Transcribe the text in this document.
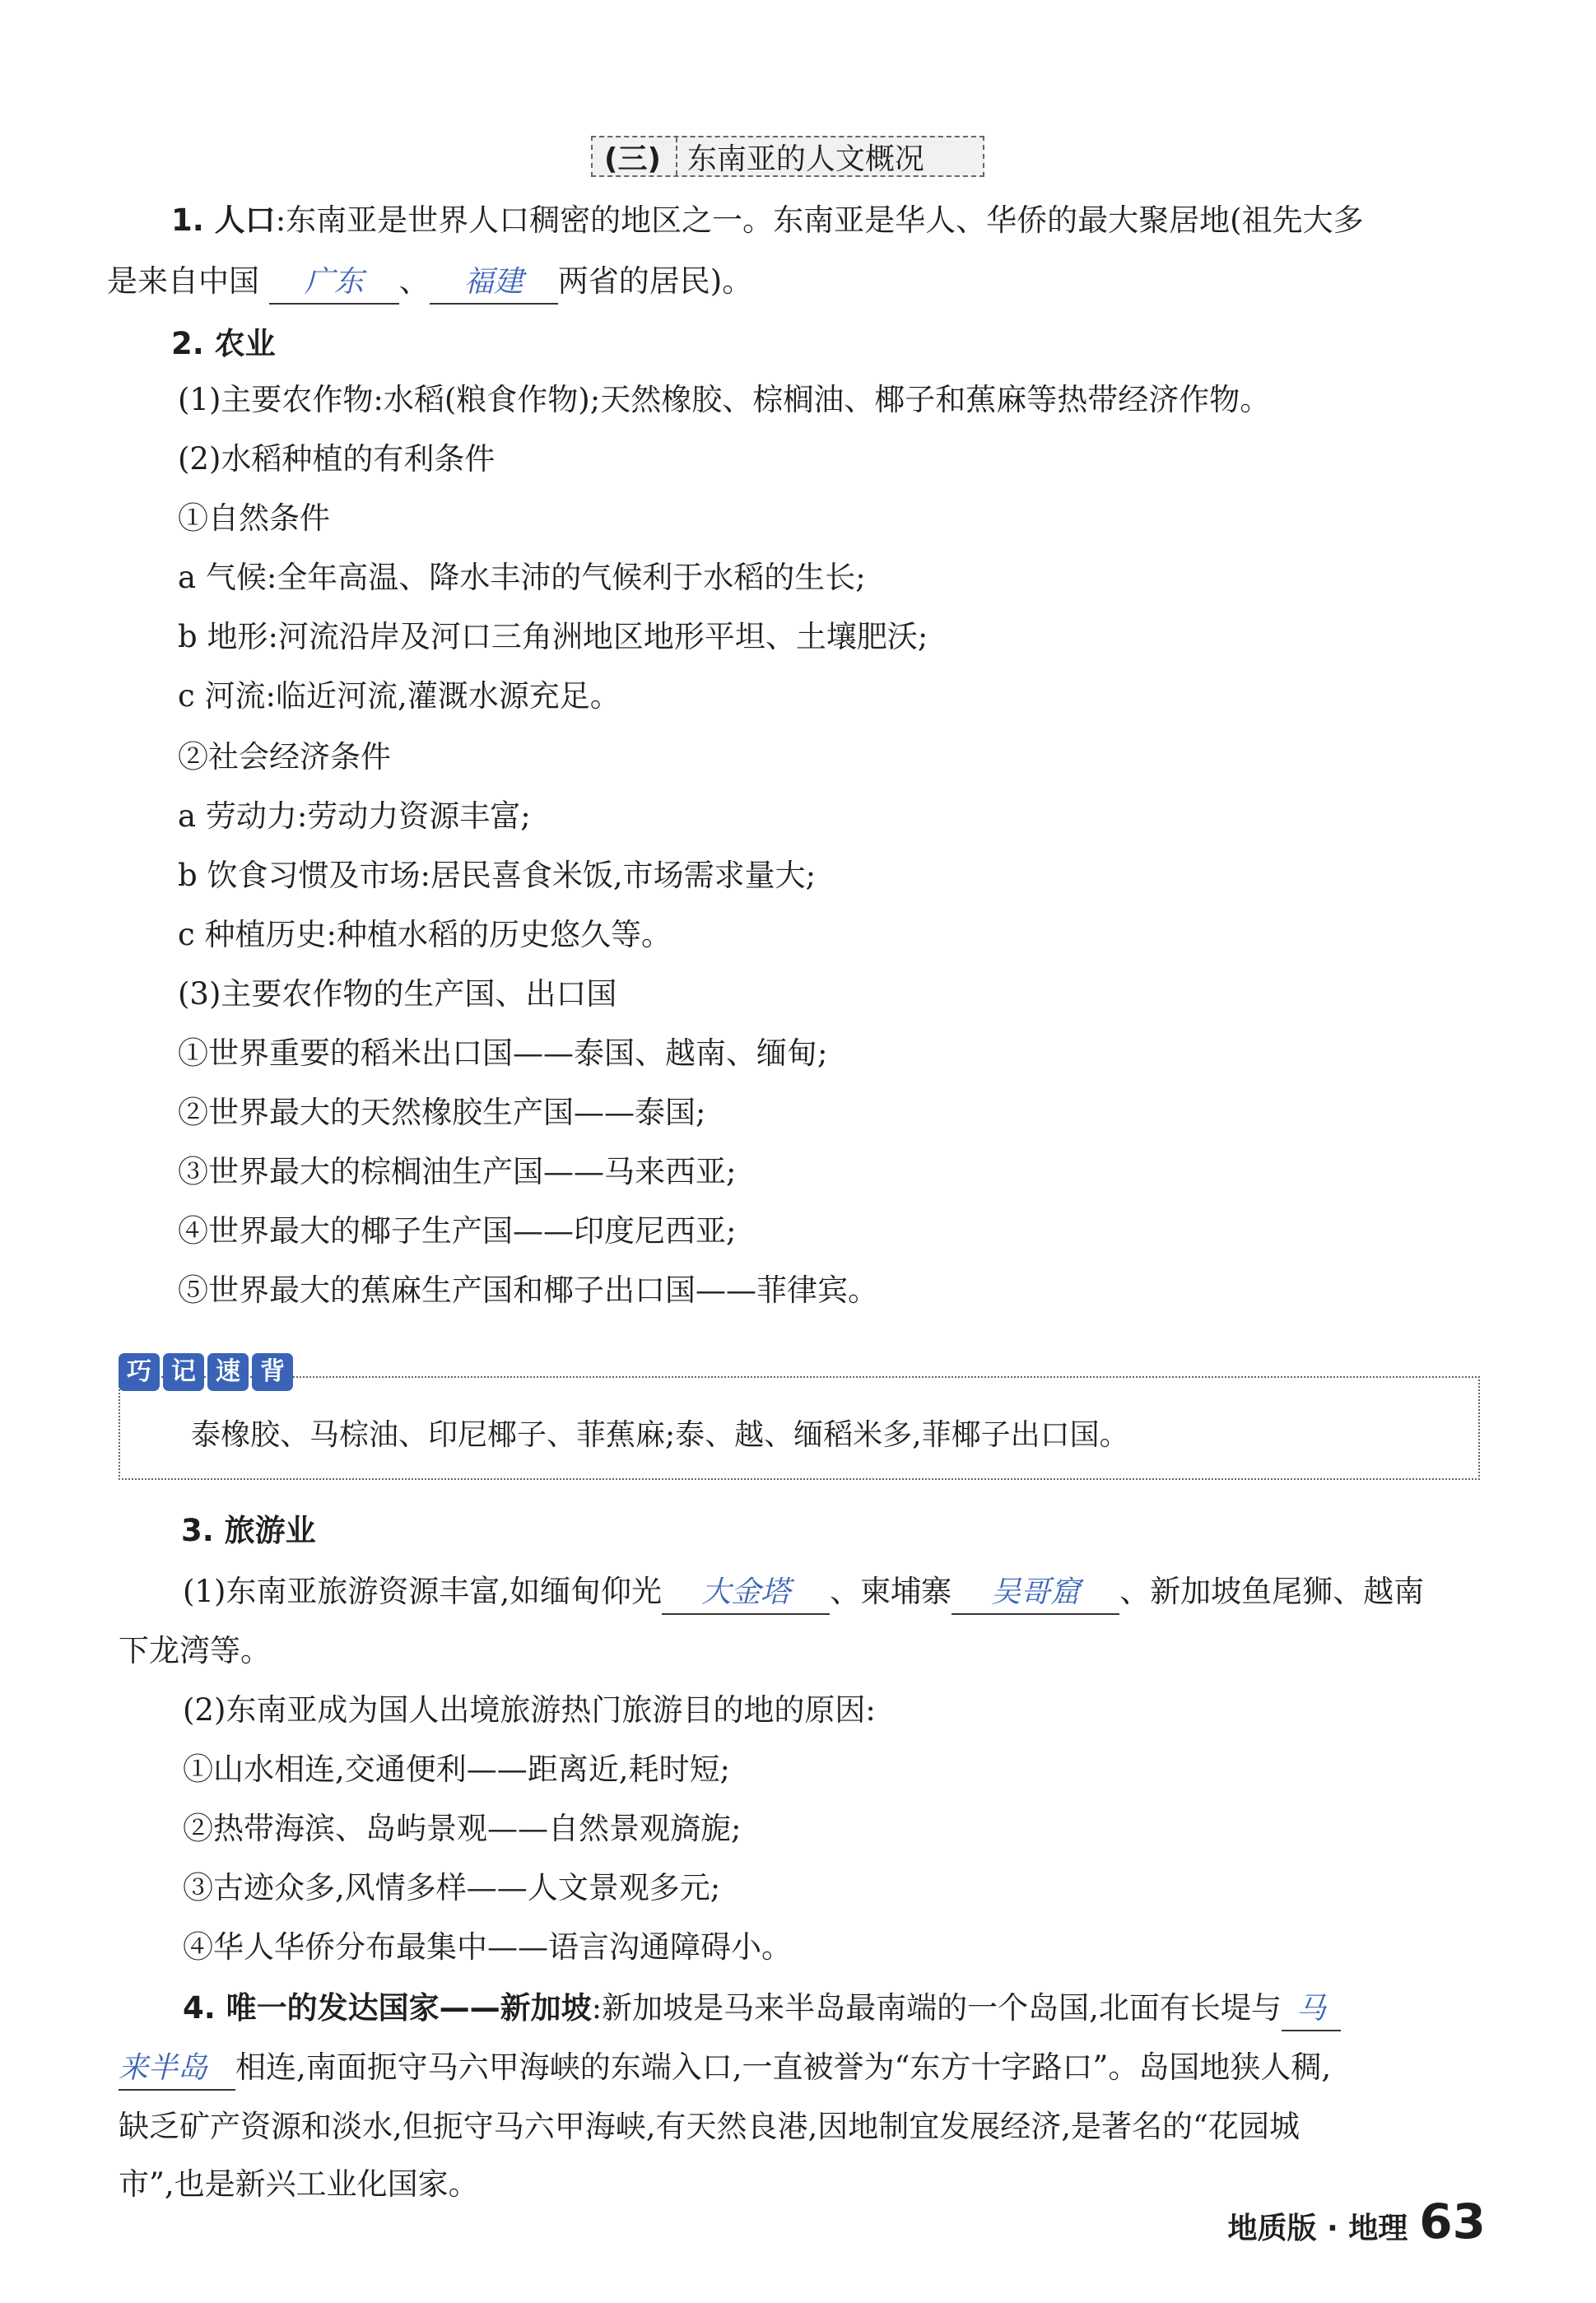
(三) 东南亚的人文概况
1. 人口:东南亚是世界人口稠密的地区之一。东南亚是华人、华侨的最大聚居地(祖先大多
是来自中国 广东 、 福建 两省的居民)。
2. 农业
(1)主要农作物:水稻(粮食作物);天然橡胶、棕榈油、椰子和蕉麻等热带经济作物。
(2)水稻种植的有利条件
①自然条件
a 气候:全年高温、降水丰沛的气候利于水稻的生长;
b 地形:河流沿岸及河口三角洲地区地形平坦、土壤肥沃;
c 河流:临近河流,灌溉水源充足。
②社会经济条件
a 劳动力:劳动力资源丰富;
b 饮食习惯及市场:居民喜食米饭,市场需求量大;
c 种植历史:种植水稻的历史悠久等。
(3)主要农作物的生产国、出口国
①世界重要的稻米出口国——泰国、越南、缅甸;
②世界最大的天然橡胶生产国——泰国;
③世界最大的棕榈油生产国——马来西亚;
④世界最大的椰子生产国——印度尼西亚;
⑤世界最大的蕉麻生产国和椰子出口国——菲律宾。
巧 记 速 背
泰橡胶、马棕油、印尼椰子、菲蕉麻;泰、越、缅稻米多,菲椰子出口国。
3. 旅游业
(1)东南亚旅游资源丰富,如缅甸仰光 大金塔 、柬埔寨 吴哥窟 、新加坡鱼尾狮、越南
下龙湾等。
(2)东南亚成为国人出境旅游热门旅游目的地的原因:
①山水相连,交通便利——距离近,耗时短;
②热带海滨、岛屿景观——自然景观旖旎;
③古迹众多,风情多样——人文景观多元;
④华人华侨分布最集中——语言沟通障碍小。
4. 唯一的发达国家——新加坡:新加坡是马来半岛最南端的一个岛国,北面有长堤与 马
来半岛 相连,南面扼守马六甲海峡的东端入口,一直被誉为“东方十字路口”。岛国地狭人稠,
缺乏矿产资源和淡水,但扼守马六甲海峡,有天然良港,因地制宜发展经济,是著名的“花园城
市”,也是新兴工业化国家。
地质版 · 地理 63
